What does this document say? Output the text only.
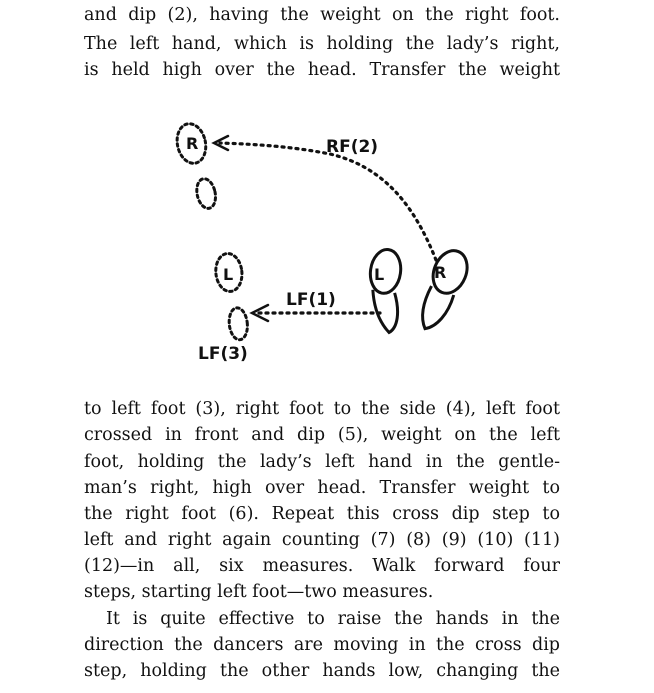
and dip (2), having the weight on the right foot.
The left hand, which is holding the lady’s right,
is held high over the head. Transfer the weight
R	RF(2)
L
LF(1)
L	R
LF(3)
to left foot (3), right foot to the side (4), left foot
crossed in front and dip (5), weight on the left
foot, holding the lady’s left hand in the gentle-
man’s right, high over head. Transfer weight to
the right foot (6). Repeat this cross dip step to
left and right again counting (7) (8) (9) (10) (11)
(12)—in all, six measures. Walk forward four
steps, starting left foot—two measures.
It is quite effective to raise the hands in the
direction the dancers are moving in the cross dip
step, holding the other hands low, changing the
